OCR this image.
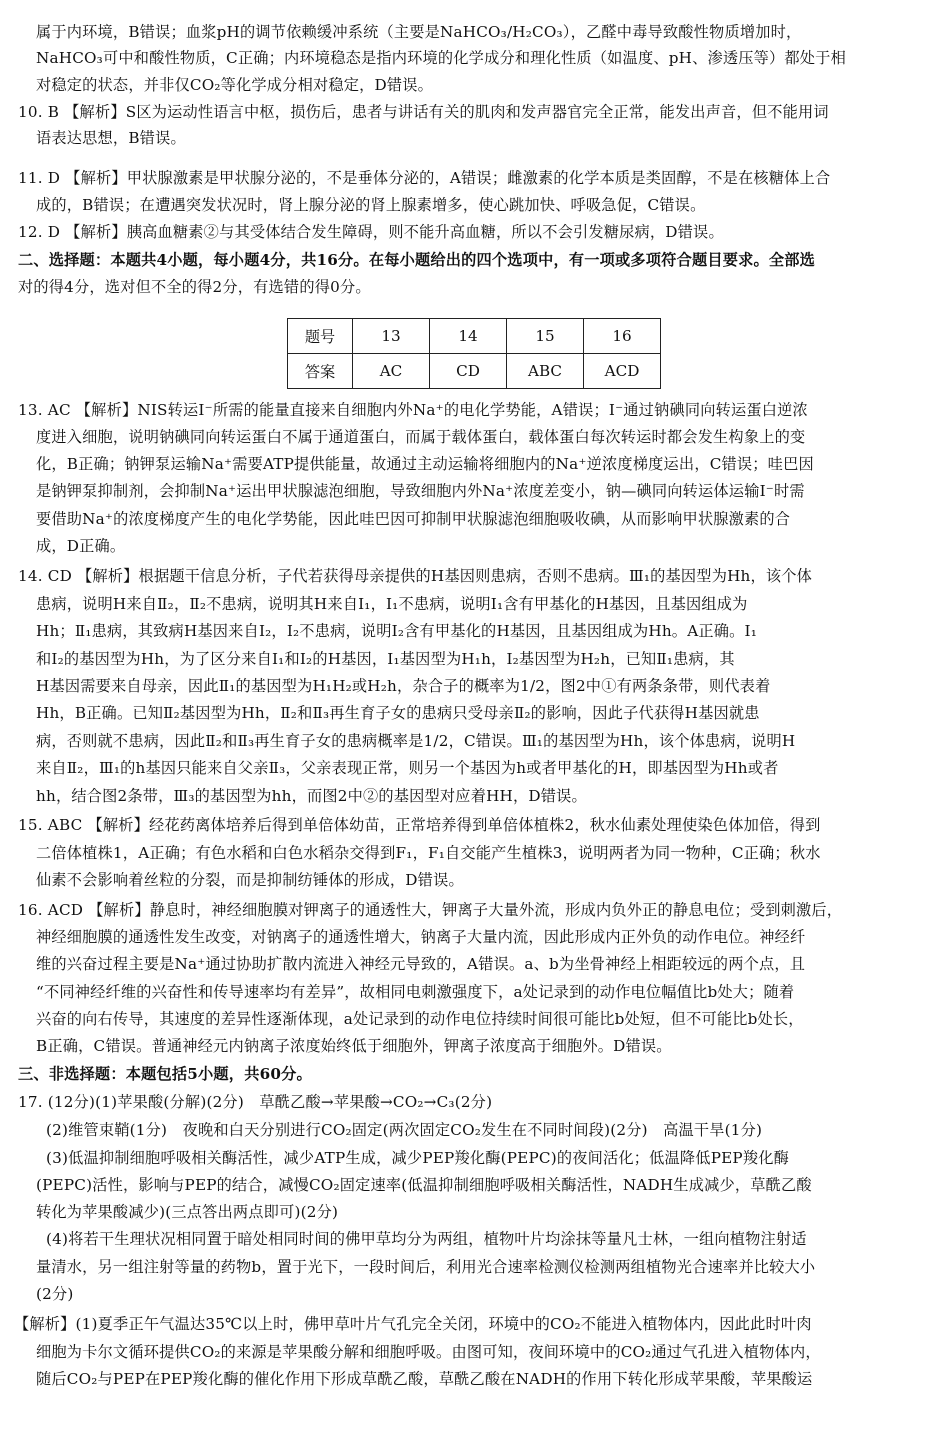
属于内环境，B错误；血浆pH的调节依赖缓冲系统（主要是NaHCO₃/H₂CO₃），乙醛中毒导致酸性物质增加时，
NaHCO₃可中和酸性物质，C正确；内环境稳态是指内环境的化学成分和理化性质（如温度、pH、渗透压等）都处于相
对稳定的状态，并非仅CO₂等化学成分相对稳定，D错误。
10. B 【解析】S区为运动性语言中枢，损伤后，患者与讲话有关的肌肉和发声器官完全正常，能发出声音，但不能用词
语表达思想，B错误。
11. D 【解析】甲状腺激素是甲状腺分泌的，不是垂体分泌的，A错误；雌激素的化学本质是类固醇，不是在核糖体上合
成的，B错误；在遭遇突发状况时，肾上腺分泌的肾上腺素增多，使心跳加快、呼吸急促，C错误。
12. D 【解析】胰高血糖素②与其受体结合发生障碍，则不能升高血糖，所以不会引发糖尿病，D错误。
二、选择题：本题共4小题，每小题4分，共16分。在每小题给出的四个选项中，有一项或多项符合题目要求。全部选
对的得4分，选对但不全的得2分，有选错的得0分。
题号	13	14	15	16
答案	AC	CD	ABC	ACD
13. AC 【解析】NIS转运I⁻所需的能量直接来自细胞内外Na⁺的电化学势能，A错误；I⁻通过钠碘同向转运蛋白逆浓
度进入细胞，说明钠碘同向转运蛋白不属于通道蛋白，而属于载体蛋白，载体蛋白每次转运时都会发生构象上的变
化，B正确；钠钾泵运输Na⁺需要ATP提供能量，故通过主动运输将细胞内的Na⁺逆浓度梯度运出，C错误；哇巴因
是钠钾泵抑制剂，会抑制Na⁺运出甲状腺滤泡细胞，导致细胞内外Na⁺浓度差变小，钠—碘同向转运体运输I⁻时需
要借助Na⁺的浓度梯度产生的电化学势能，因此哇巴因可抑制甲状腺滤泡细胞吸收碘，从而影响甲状腺激素的合
成，D正确。
14. CD 【解析】根据题干信息分析，子代若获得母亲提供的H基因则患病，否则不患病。Ⅲ₁的基因型为Hh，该个体
患病，说明H来自Ⅱ₂，Ⅱ₂不患病，说明其H来自Ⅰ₁，Ⅰ₁不患病，说明Ⅰ₁含有甲基化的H基因，且基因组成为
Hh；Ⅱ₁患病，其致病H基因来自Ⅰ₂，Ⅰ₂不患病，说明Ⅰ₂含有甲基化的H基因，且基因组成为Hh。A正确。Ⅰ₁
和Ⅰ₂的基因型为Hh，为了区分来自Ⅰ₁和Ⅰ₂的H基因，Ⅰ₁基因型为H₁h，Ⅰ₂基因型为H₂h，已知Ⅱ₁患病，其
H基因需要来自母亲，因此Ⅱ₁的基因型为H₁H₂或H₂h，杂合子的概率为1/2，图2中①有两条条带，则代表着
Hh，B正确。已知Ⅱ₂基因型为Hh，Ⅱ₂和Ⅱ₃再生育子女的患病只受母亲Ⅱ₂的影响，因此子代获得H基因就患
病，否则就不患病，因此Ⅱ₂和Ⅱ₃再生育子女的患病概率是1/2，C错误。Ⅲ₁的基因型为Hh，该个体患病，说明H
来自Ⅱ₂，Ⅲ₁的h基因只能来自父亲Ⅱ₃，父亲表现正常，则另一个基因为h或者甲基化的H，即基因型为Hh或者
hh，结合图2条带，Ⅲ₃的基因型为hh，而图2中②的基因型对应着HH，D错误。
15. ABC 【解析】经花药离体培养后得到单倍体幼苗，正常培养得到单倍体植株2，秋水仙素处理使染色体加倍，得到
二倍体植株1，A正确；有色水稻和白色水稻杂交得到F₁，F₁自交能产生植株3，说明两者为同一物种，C正确；秋水
仙素不会影响着丝粒的分裂，而是抑制纺锤体的形成，D错误。
16. ACD 【解析】静息时，神经细胞膜对钾离子的通透性大，钾离子大量外流，形成内负外正的静息电位；受到刺激后，
神经细胞膜的通透性发生改变，对钠离子的通透性增大，钠离子大量内流，因此形成内正外负的动作电位。神经纤
维的兴奋过程主要是Na⁺通过协助扩散内流进入神经元导致的，A错误。a、b为坐骨神经上相距较远的两个点，且
“不同神经纤维的兴奋性和传导速率均有差异”，故相同电刺激强度下，a处记录到的动作电位幅值比b处大；随着
兴奋的向右传导，其速度的差异性逐渐体现，a处记录到的动作电位持续时间很可能比b处短，但不可能比b处长，
B正确，C错误。普通神经元内钠离子浓度始终低于细胞外，钾离子浓度高于细胞外。D错误。
三、非选择题：本题包括5小题，共60分。
17. (12分)(1)苹果酸(分解)(2分)　草酰乙酸→苹果酸→CO₂→C₃(2分)
(2)维管束鞘(1分)　夜晚和白天分别进行CO₂固定(两次固定CO₂发生在不同时间段)(2分)　高温干旱(1分)
(3)低温抑制细胞呼吸相关酶活性，减少ATP生成，减少PEP羧化酶(PEPC)的夜间活化；低温降低PEP羧化酶
(PEPC)活性，影响与PEP的结合，减慢CO₂固定速率(低温抑制细胞呼吸相关酶活性，NADH生成减少，草酰乙酸
转化为苹果酸减少)(三点答出两点即可)(2分)
(4)将若干生理状况相同置于暗处相同时间的佛甲草均分为两组，植物叶片均涂抹等量凡士林，一组向植物注射适
量清水，另一组注射等量的药物b，置于光下，一段时间后，利用光合速率检测仪检测两组植物光合速率并比较大小
(2分)
【解析】(1)夏季正午气温达35℃以上时，佛甲草叶片气孔完全关闭，环境中的CO₂不能进入植物体内，因此此时叶肉
细胞为卡尔文循环提供CO₂的来源是苹果酸分解和细胞呼吸。由图可知，夜间环境中的CO₂通过气孔进入植物体内，
随后CO₂与PEP在PEP羧化酶的催化作用下形成草酰乙酸，草酰乙酸在NADH的作用下转化形成苹果酸，苹果酸运
